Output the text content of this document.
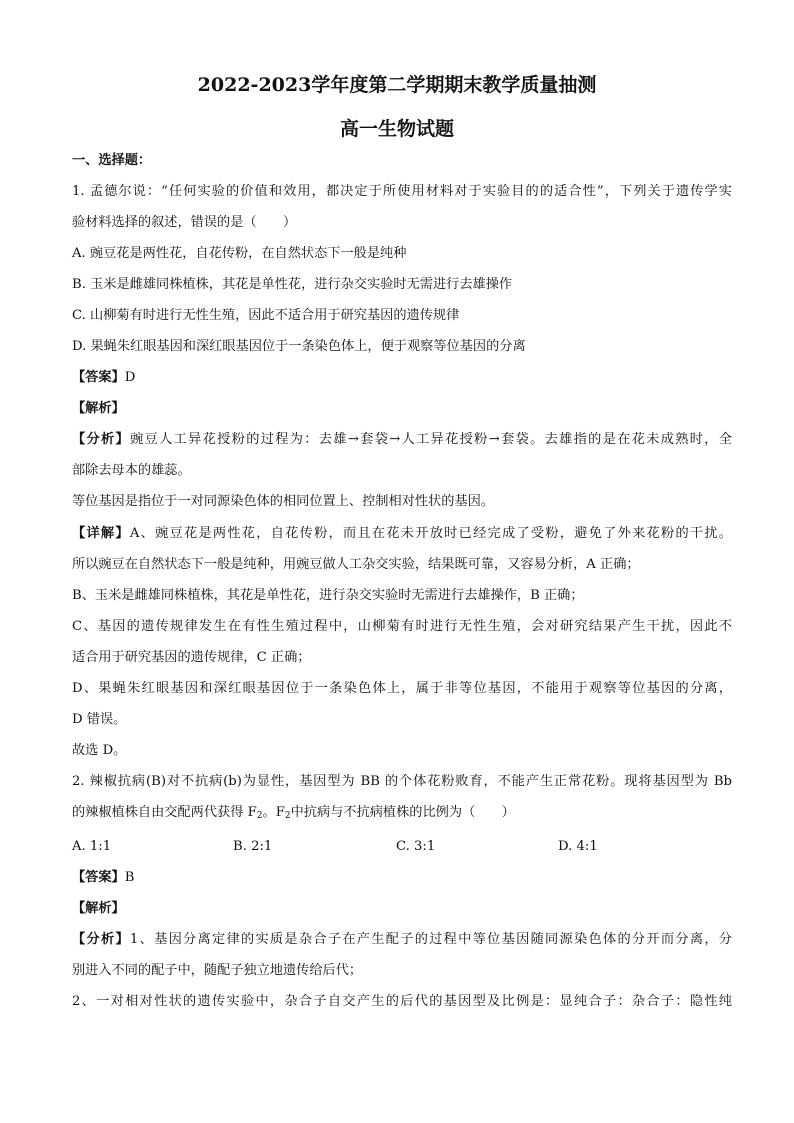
2022-2023学年度第二学期期末教学质量抽测
高一生物试题
一、选择题：
1. 孟德尔说：“任何实验的价值和效用，都决定于所使用材料对于实验目的的适合性”，下列关于遗传学实
验材料选择的叙述，错误的是（　　）
A. 豌豆花是两性花，自花传粉，在自然状态下一般是纯种
B. 玉米是雌雄同株植株，其花是单性花，进行杂交实验时无需进行去雄操作
C. 山柳菊有时进行无性生殖，因此不适合用于研究基因的遗传规律
D. 果蝇朱红眼基因和深红眼基因位于一条染色体上，便于观察等位基因的分离
【答案】D
【解析】
【分析】豌豆人工异花授粉的过程为：去雄→套袋→人工异花授粉→套袋。去雄指的是在花未成熟时，全
部除去母本的雄蕊。
等位基因是指位于一对同源染色体的相同位置上、控制相对性状的基因。
【详解】A、豌豆花是两性花，自花传粉，而且在花未开放时已经完成了受粉，避免了外来花粉的干扰。
所以豌豆在自然状态下一般是纯种，用豌豆做人工杂交实验，结果既可靠，又容易分析，A 正确；
B、玉米是雌雄同株植株，其花是单性花，进行杂交实验时无需进行去雄操作，B 正确；
C、基因的遗传规律发生在有性生殖过程中，山柳菊有时进行无性生殖，会对研究结果产生干扰，因此不
适合用于研究基因的遗传规律，C 正确；
D、果蝇朱红眼基因和深红眼基因位于一条染色体上，属于非等位基因，不能用于观察等位基因的分离，
D 错误。
故选 D。
2. 辣椒抗病(B)对不抗病(b)为显性，基因型为 BB 的个体花粉败育，不能产生正常花粉。现将基因型为 Bb
的辣椒植株自由交配两代获得 $F_2$。$F_2$中抗病与不抗病植株的比例为（　　）
A. 1:1	B. 2:1	C. 3:1	D. 4:1
【答案】B
【解析】
【分析】1、基因分离定律的实质是杂合子在产生配子的过程中等位基因随同源染色体的分开而分离，分
别进入不同的配子中，随配子独立地遗传给后代；
2、一对相对性状的遗传实验中，杂合子自交产生的后代的基因型及比例是：显纯合子：杂合子：隐性纯
